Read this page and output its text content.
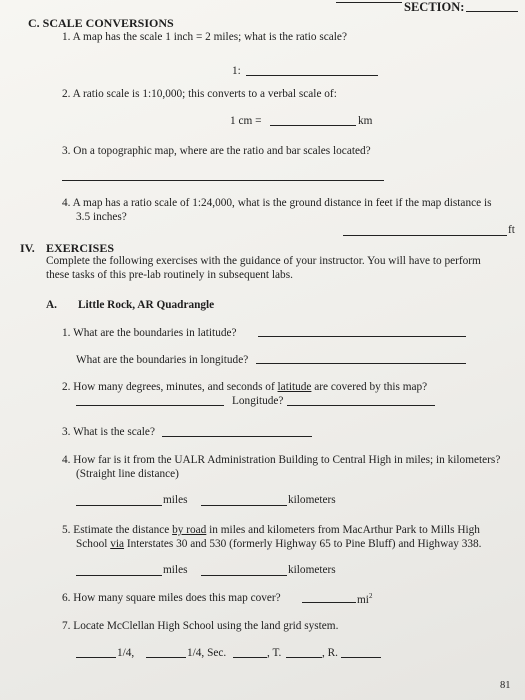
SECTION:
C. SCALE CONVERSIONS
1. A map has the scale 1 inch = 2 miles; what is the ratio scale?
1:
2. A ratio scale is 1:10,000; this converts to a verbal scale of:
1 cm =	km
3. On a topographic map, where are the ratio and bar scales located?
4. A map has a ratio scale of 1:24,000, what is the ground distance in feet if the map distance is
3.5 inches?
ft
IV. EXERCISES
Complete the following exercises with the guidance of your instructor. You will have to perform
these tasks of this pre-lab routinely in subsequent labs.
A. Little Rock, AR Quadrangle
1. What are the boundaries in latitude?
What are the boundaries in longitude?
2. How many degrees, minutes, and seconds of latitude are covered by this map?
Longitude?
3. What is the scale?
4. How far is it from the UALR Administration Building to Central High in miles; in kilometers?
(Straight line distance)
miles	kilometers
5. Estimate the distance by road in miles and kilometers from MacArthur Park to Mills High
School via Interstates 30 and 530 (formerly Highway 65 to Pine Bluff) and Highway 338.
miles	kilometers
6. How many square miles does this map cover?	$mi^2$
7. Locate McClellan High School using the land grid system.
1/4,	1/4, Sec.	, T.	, R.
81
